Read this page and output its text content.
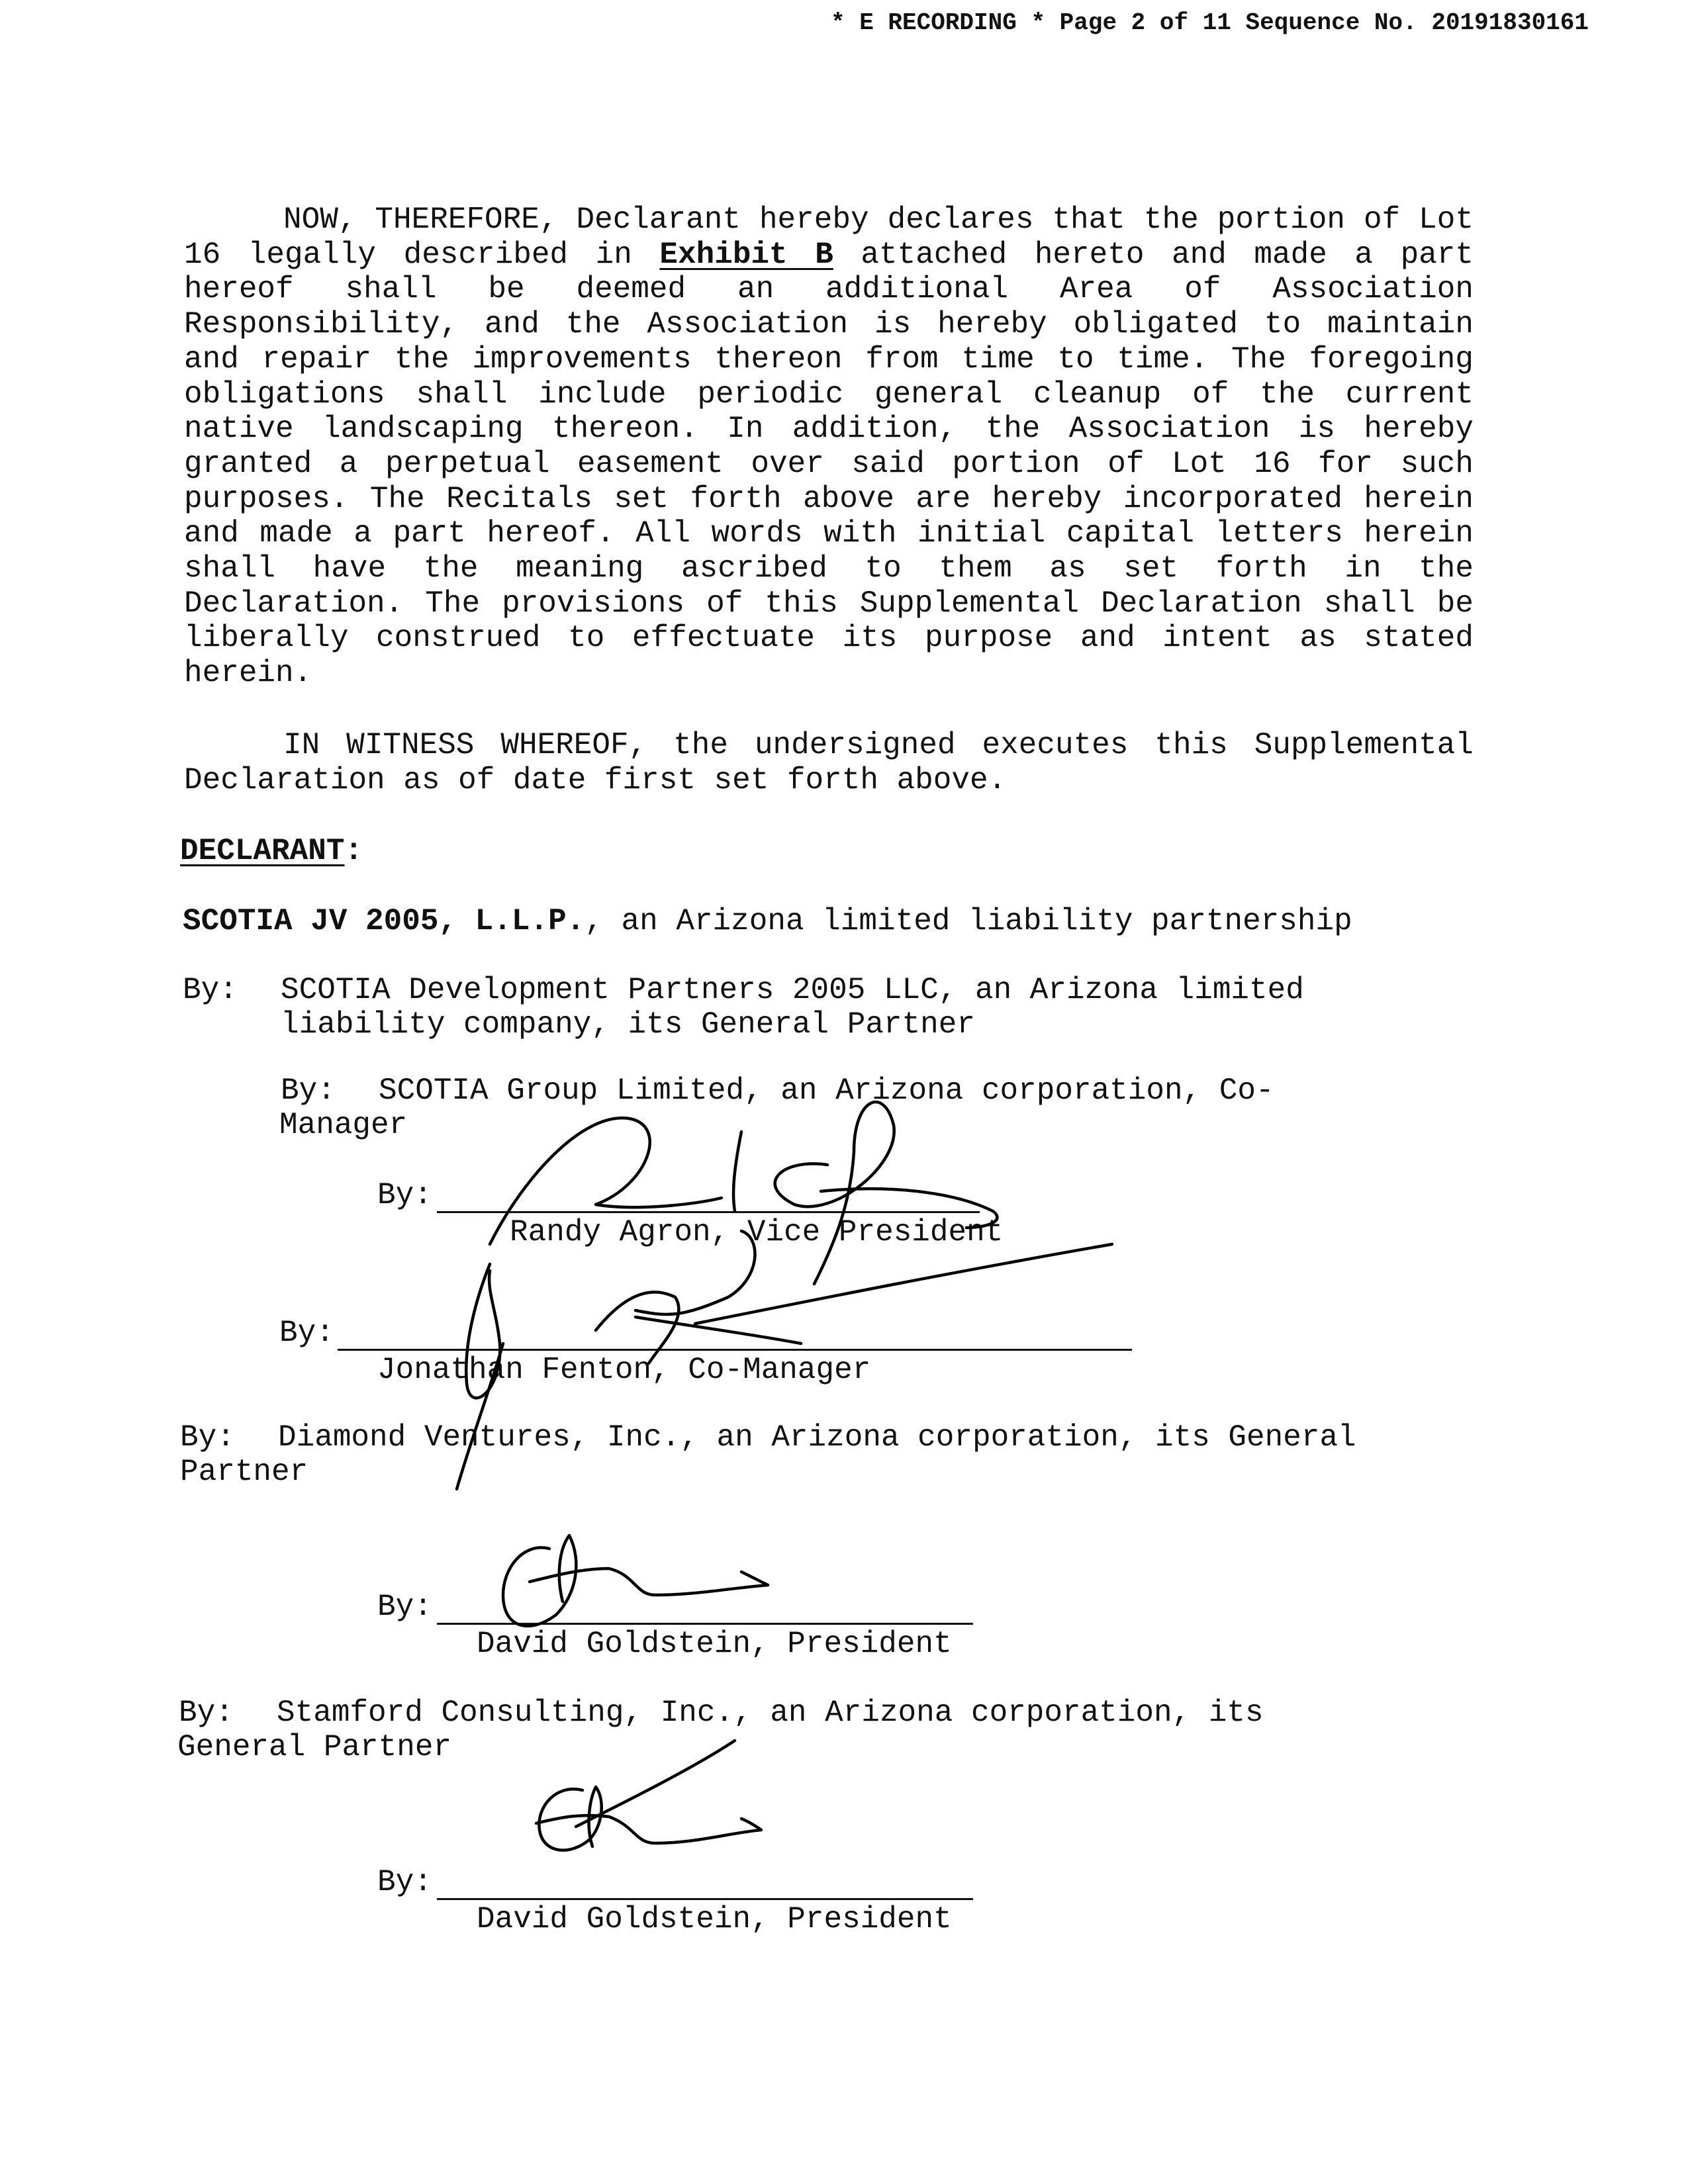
* E RECORDING * Page 2 of 11 Sequence No. 20191830161
NOW, THEREFORE, Declarant hereby declares that the portion of Lot 16 legally described in Exhibit B attached hereto and made a part hereof shall be deemed an additional Area of Association Responsibility, and the Association is hereby obligated to maintain and repair the improvements thereon from time to time. The foregoing obligations shall include periodic general cleanup of the current native landscaping thereon. In addition, the Association is hereby granted a perpetual easement over said portion of Lot 16 for such purposes. The Recitals set forth above are hereby incorporated herein and made a part hereof. All words with initial capital letters herein shall have the meaning ascribed to them as set forth in the Declaration. The provisions of this Supplemental Declaration shall be liberally construed to effectuate its purpose and intent as stated herein.
IN WITNESS WHEREOF, the undersigned executes this Supplemental Declaration as of date first set forth above.
DECLARANT:
SCOTIA JV 2005, L.L.P., an Arizona limited liability partnership
By: SCOTIA Development Partners 2005 LLC, an Arizona limited
liability company, its General Partner
By: SCOTIA Group Limited, an Arizona corporation, Co-
Manager
By:
Randy Agron, Vice President
By:
Jonathan Fenton, Co-Manager
By: Diamond Ventures, Inc., an Arizona corporation, its General
Partner
By:
David Goldstein, President
By: Stamford Consulting, Inc., an Arizona corporation, its
General Partner
By:
David Goldstein, President
